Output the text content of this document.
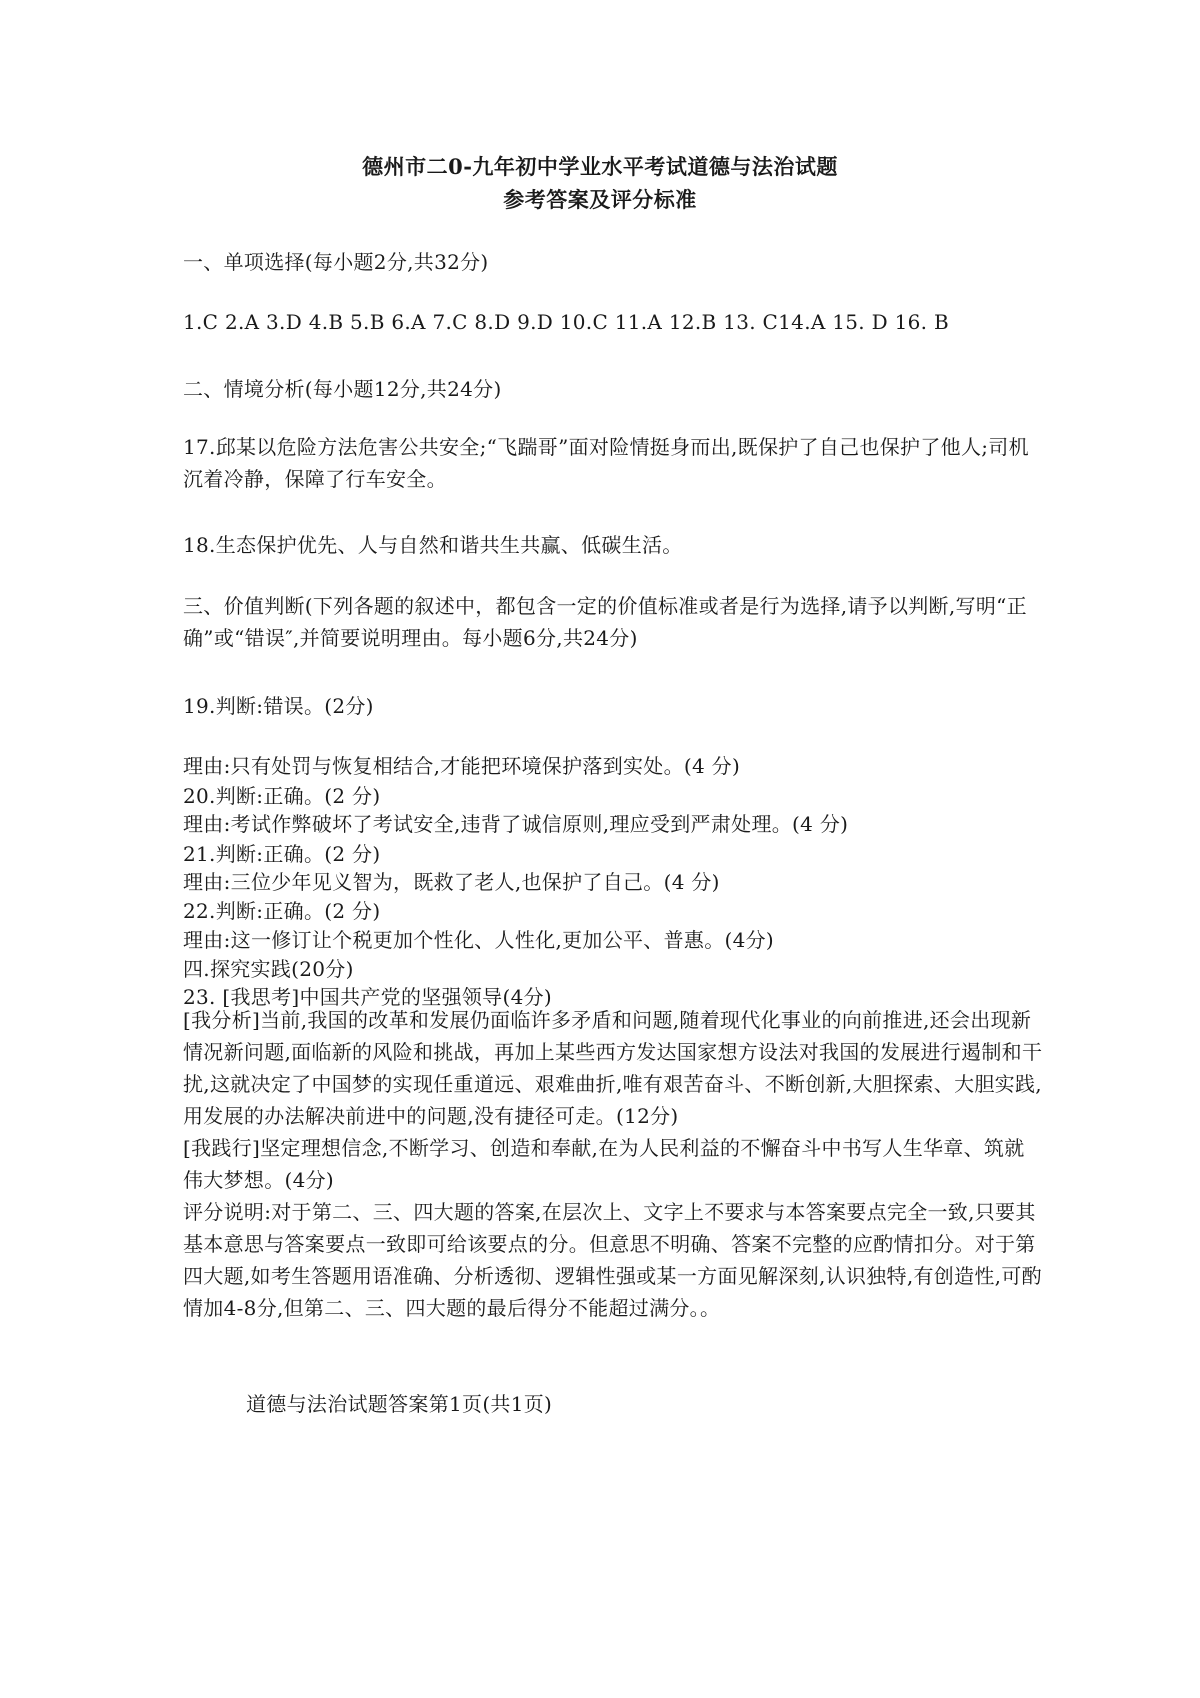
德州市二0-九年初中学业水平考试道德与法治试题
参考答案及评分标准
一、单项选择(每小题2分,共32分)
1.C 2.A 3.D 4.B 5.B 6.A 7.C 8.D 9.D 10.C 11.A 12.B 13. C14.A 15. D 16. B
二、情境分析(每小题12分,共24分)
17.邱某以危险方法危害公共安全;“飞踹哥”面对险情挺身而出,既保护了自己也保护了他人;司机沉着冷静，保障了行车安全。
18.生态保护优先、人与自然和谐共生共赢、低碳生活。
三、价值判断(下列各题的叙述中，都包含一定的价值标准或者是行为选择,请予以判断,写明“正确”或“错误″,并简要说明理由。每小题6分,共24分)
19.判断:错误。(2分)
理由:只有处罚与恢复相结合,才能把环境保护落到实处。(4 分)
20.判断:正确。(2 分)
理由:考试作弊破坏了考试安全,违背了诚信原则,理应受到严肃处理。(4 分)
21.判断:正确。(2 分)
理由:三位少年见义智为，既救了老人,也保护了自己。(4 分)
22.判断:正确。(2 分)
理由:这一修订让个税更加个性化、人性化,更加公平、普惠。(4分)
四.探究实践(20分)
23. [我思考]中国共产党的坚强领导(4分)
[我分析]当前,我国的改革和发展仍面临许多矛盾和问题,随着现代化事业的向前推进,还会出现新情况新问题,面临新的风险和挑战，再加上某些西方发达国家想方设法对我国的发展进行遏制和干扰,这就决定了中国梦的实现任重道远、艰难曲折,唯有艰苦奋斗、不断创新,大胆探索、大胆实践,用发展的办法解决前进中的问题,没有捷径可走。(12分)
[我践行]坚定理想信念,不断学习、创造和奉献,在为人民利益的不懈奋斗中书写人生华章、筑就伟大梦想。(4分)
评分说明:对于第二、三、四大题的答案,在层次上、文字上不要求与本答案要点完全一致,只要其基本意思与答案要点一致即可给该要点的分。但意思不明确、答案不完整的应酌情扣分。对于第四大题,如考生答题用语准确、分析透彻、逻辑性强或某一方面见解深刻,认识独特,有创造性,可酌情加4-8分,但第二、三、四大题的最后得分不能超过满分。。
道德与法治试题答案第1页(共1页)
